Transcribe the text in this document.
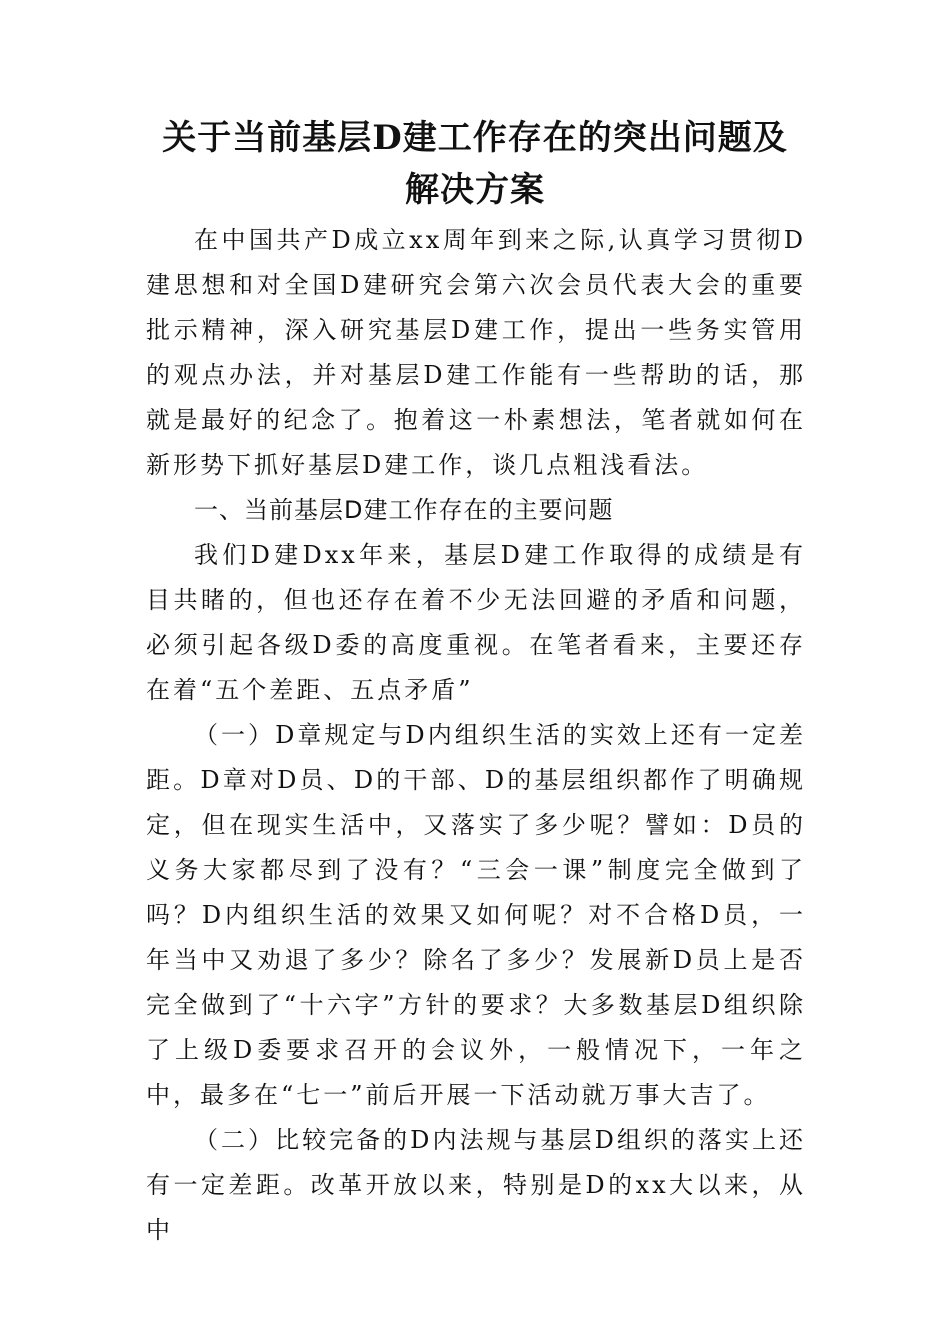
关于当前基层D建工作存在的突出问题及
解决方案

在中国共产D成立xx周年到来之际,认真学习贯彻D建思想和对全国D建研究会第六次会员代表大会的重要批示精神，深入研究基层D建工作，提出一些务实管用的观点办法，并对基层D建工作能有一些帮助的话，那就是最好的纪念了。抱着这一朴素想法，笔者就如何在新形势下抓好基层D建工作，谈几点粗浅看法。

一、当前基层D建工作存在的主要问题

我们D建Dxx年来，基层D建工作取得的成绩是有目共睹的，但也还存在着不少无法回避的矛盾和问题，必须引起各级D委的高度重视。在笔者看来，主要还存在着“五个差距、五点矛盾”

（一）D章规定与D内组织生活的实效上还有一定差距。D章对D员、D的干部、D的基层组织都作了明确规定，但在现实生活中，又落实了多少呢？譬如：D员的义务大家都尽到了没有？“三会一课”制度完全做到了吗？D内组织生活的效果又如何呢？对不合格D员，一年当中又劝退了多少？除名了多少？发展新D员上是否完全做到了“十六字”方针的要求？大多数基层D组织除了上级D委要求召开的会议外，一般情况下，一年之中，最多在“七一”前后开展一下活动就万事大吉了。

（二）比较完备的D内法规与基层D组织的落实上还有一定差距。改革开放以来，特别是D的xx大以来，从中
